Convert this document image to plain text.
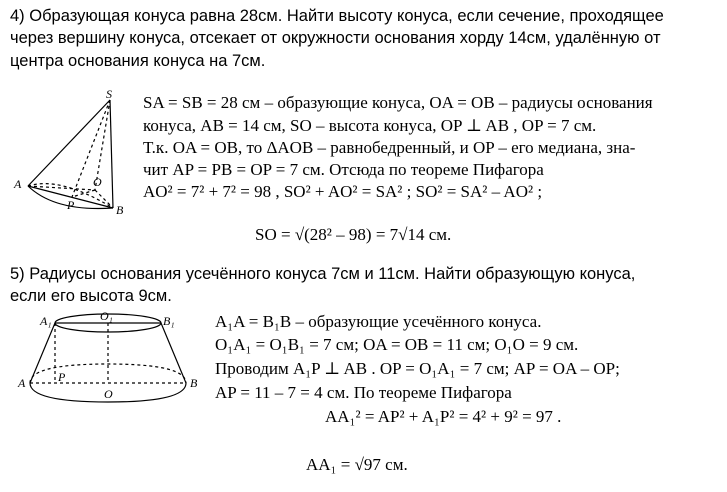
4) Образующая конуса равна 28см. Найти высоту конуса, если сечение, проходящее
через вершину конуса, отсекает от окружности основания хорду 14см, удалённую от
центра основания конуса на 7см.
S
A	O
P	B
SA = SB = 28 см – образующие конуса, OA = OB – радиусы основания
конуса, AB = 14 см, SO – высота конуса, OP ⊥ AB , OP = 7 см.
Т.к. OA = OB, то ΔAOB – равнобедренный, и OP – его медиана, зна-
чит AP = PB = OP = 7 см. Отсюда по теореме Пифагора
AO² = 7² + 7² = 98 , SO² + AO² = SA² ; SO² = SA² – AO² ;
SO = √(28² – 98) = 7√14 см.
5) Радиусы основания усечённого конуса 7см и 11см. Найти образующую конуса,
если его высота 9см.
A₁	O₁	B₁
A	P
O
B
A₁A = B₁B – образующие усечённого конуса.
O₁A₁ = O₁B₁ = 7 см; OA = OB = 11 см; O₁O = 9 см.
Проводим A₁P ⊥ AB . OP = O₁A₁ = 7 см; AP = OA – OP;
AP = 11 – 7 = 4 см. По теореме Пифагора
AA₁² = AP² + A₁P² = 4² + 9² = 97 .
AA₁ = √97 см.
